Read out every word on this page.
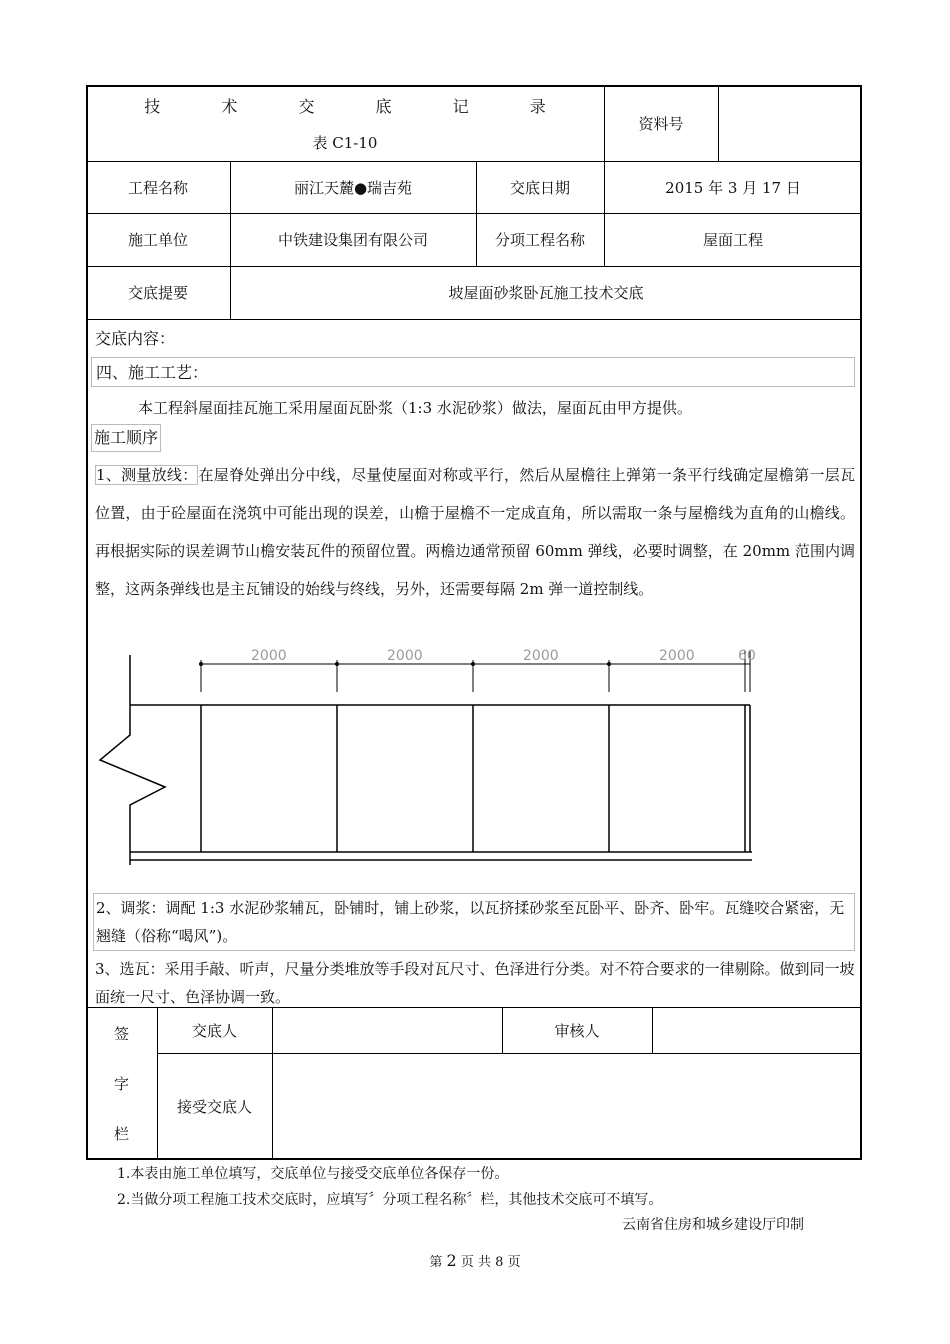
技 术 交 底 记 录
表 C1-10
资料号
工程名称	丽江天麓●瑞吉苑	交底日期	2015 年 3 月 17 日
施工单位	中铁建设集团有限公司	分项工程名称	屋面工程
交底提要	坡屋面砂浆卧瓦施工技术交底
交底内容：
四、施工工艺：
本工程斜屋面挂瓦施工采用屋面瓦卧浆（1:3 水泥砂浆）做法，屋面瓦由甲方提供。
施工顺序
1、测量放线：在屋脊处弹出分中线，尽量使屋面对称或平行，然后从屋檐往上弹第一条平行线确定屋檐第一层瓦位置，由于砼屋面在浇筑中可能出现的误差，山檐于屋檐不一定成直角，所以需取一条与屋檐线为直角的山檐线。再根据实际的误差调节山檐安装瓦件的预留位置。两檐边通常预留 60mm 弹线，必要时调整，在 20mm 范围内调整，这两条弹线也是主瓦铺设的始线与终线，另外，还需要每隔 2m 弹一道控制线。
2000	2000	2000	2000	60
2、调浆：调配 1:3 水泥砂浆辅瓦，卧铺时，铺上砂浆，以瓦挤揉砂浆至瓦卧平、卧齐、卧牢。瓦缝咬合紧密，无翘缝（俗称“喝风”)。
3、选瓦：采用手敲、听声，尺量分类堆放等手段对瓦尺寸、色泽进行分类。对不符合要求的一律剔除。做到同一坡面统一尺寸、色泽协调一致。
签
字
栏
交底人	审核人
接受交底人
1.本表由施工单位填写，交底单位与接受交底单位各保存一份。
2.当做分项工程施工技术交底时，应填写〞分项工程名称〞栏，其他技术交底可不填写。
云南省住房和城乡建设厅印制
第 2 页 共 8 页
